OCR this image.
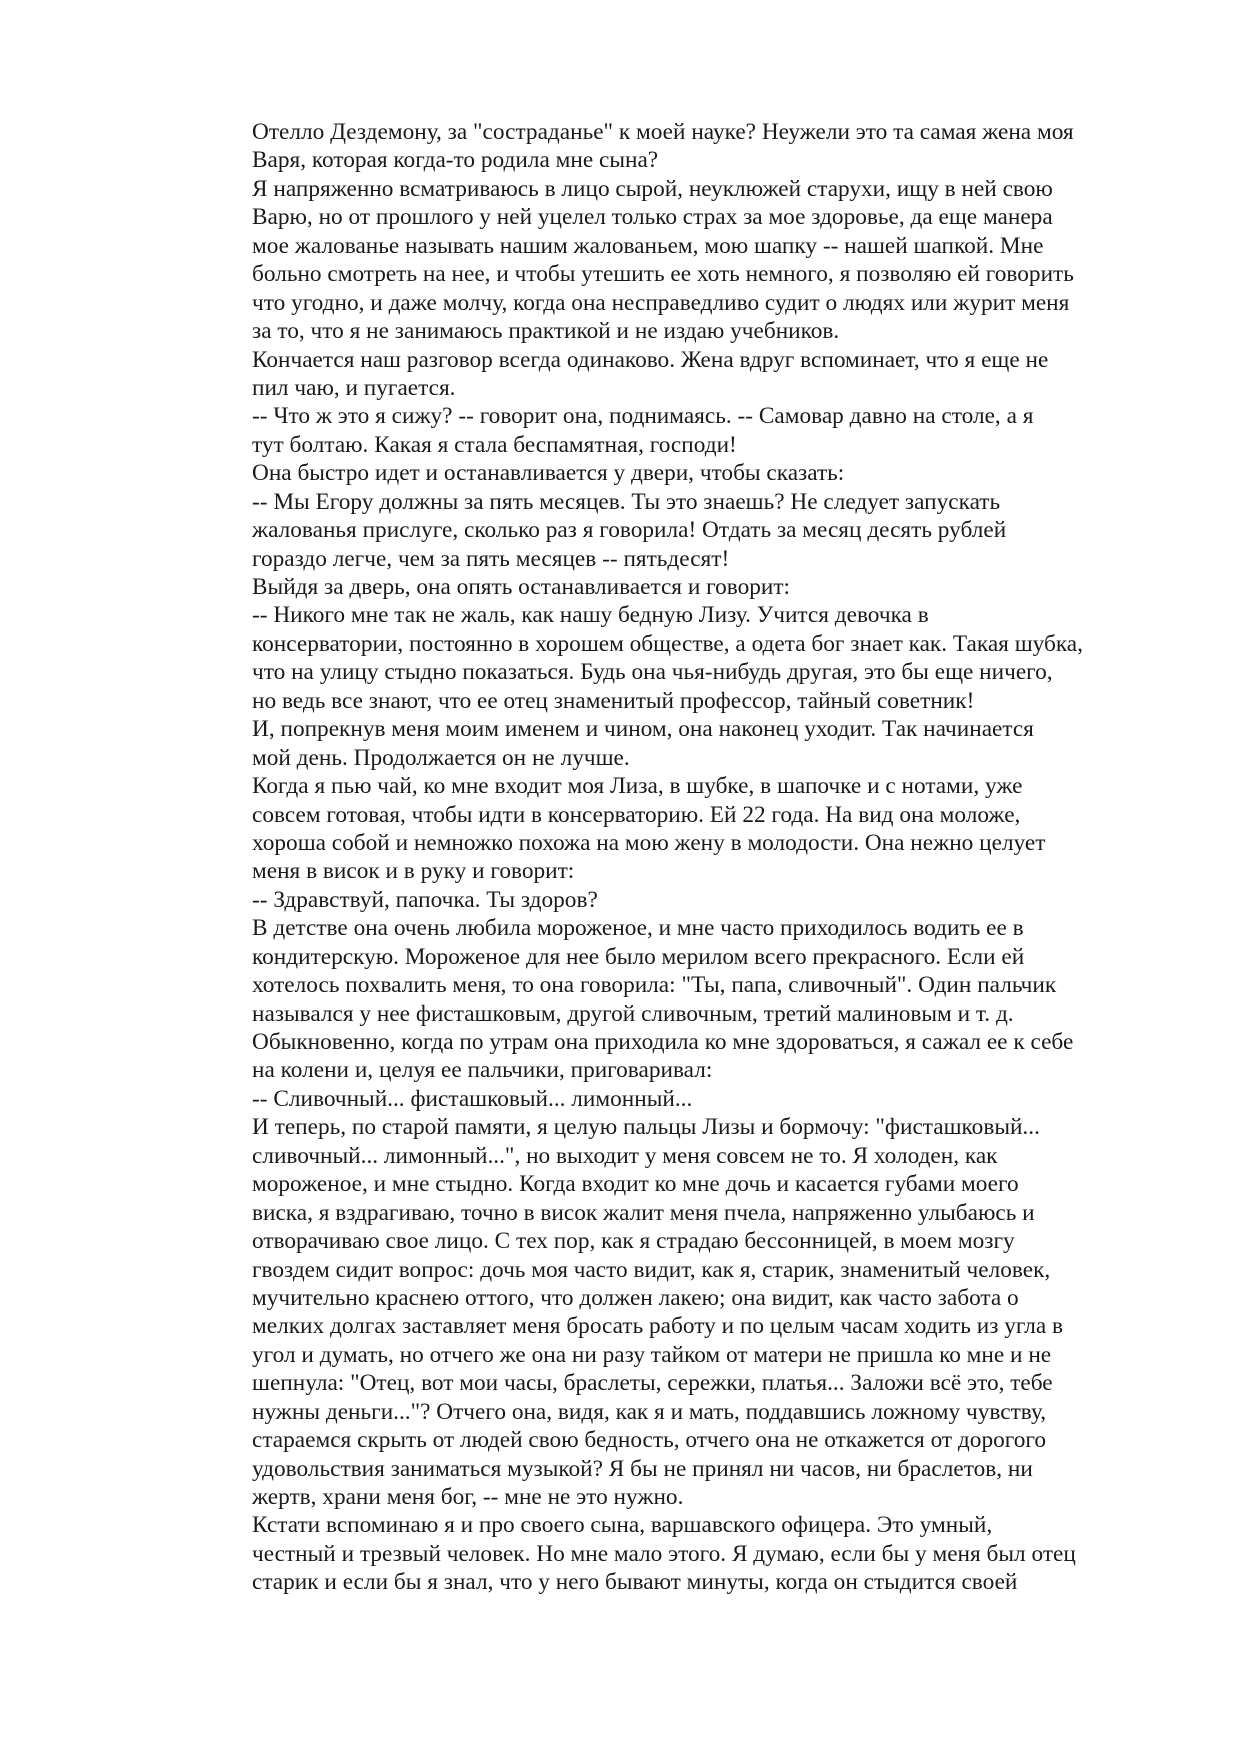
Отелло Дездемону, за "состраданье" к моей науке? Неужели это та самая жена моя
Варя, которая когда-то родила мне сына?
Я напряженно всматриваюсь в лицо сырой, неуклюжей старухи, ищу в ней свою
Варю, но от прошлого у ней уцелел только страх за мое здоровье, да еще манера
мое жалованье называть нашим жалованьем, мою шапку -- нашей шапкой. Мне
больно смотреть на нее, и чтобы утешить ее хоть немного, я позволяю ей говорить
что угодно, и даже молчу, когда она несправедливо судит о людях или журит меня
за то, что я не занимаюсь практикой и не издаю учебников.
Кончается наш разговор всегда одинаково. Жена вдруг вспоминает, что я еще не
пил чаю, и пугается.
-- Что ж это я сижу? -- говорит она, поднимаясь. -- Самовар давно на столе, а я
тут болтаю. Какая я стала беспамятная, господи!
Она быстро идет и останавливается у двери, чтобы сказать:
-- Мы Егору должны за пять месяцев. Ты это знаешь? Не следует запускать
жалованья прислуге, сколько раз я говорила! Отдать за месяц десять рублей
гораздо легче, чем за пять месяцев -- пятьдесят!
Выйдя за дверь, она опять останавливается и говорит:
-- Никого мне так не жаль, как нашу бедную Лизу. Учится девочка в
консерватории, постоянно в хорошем обществе, а одета бог знает как. Такая шубка,
что на улицу стыдно показаться. Будь она чья-нибудь другая, это бы еще ничего,
но ведь все знают, что ее отец знаменитый профессор, тайный советник!
И, попрекнув меня моим именем и чином, она наконец уходит. Так начинается
мой день. Продолжается он не лучше.
Когда я пью чай, ко мне входит моя Лиза, в шубке, в шапочке и с нотами, уже
совсем готовая, чтобы идти в консерваторию. Ей 22 года. На вид она моложе,
хороша собой и немножко похожа на мою жену в молодости. Она нежно целует
меня в висок и в руку и говорит:
-- Здравствуй, папочка. Ты здоров?
В детстве она очень любила мороженое, и мне часто приходилось водить ее в
кондитерскую. Мороженое для нее было мерилом всего прекрасного. Если ей
хотелось похвалить меня, то она говорила: "Ты, папа, сливочный". Один пальчик
назывался у нее фисташковым, другой сливочным, третий малиновым и т. д.
Обыкновенно, когда по утрам она приходила ко мне здороваться, я сажал ее к себе
на колени и, целуя ее пальчики, приговаривал:
-- Сливочный... фисташковый... лимонный...
И теперь, по старой памяти, я целую пальцы Лизы и бормочу: "фисташковый...
сливочный... лимонный...", но выходит у меня совсем не то. Я холоден, как
мороженое, и мне стыдно. Когда входит ко мне дочь и касается губами моего
виска, я вздрагиваю, точно в висок жалит меня пчела, напряженно улыбаюсь и
отворачиваю свое лицо. С тех пор, как я страдаю бессонницей, в моем мозгу
гвоздем сидит вопрос: дочь моя часто видит, как я, старик, знаменитый человек,
мучительно краснею оттого, что должен лакею; она видит, как часто забота о
мелких долгах заставляет меня бросать работу и по целым часам ходить из угла в
угол и думать, но отчего же она ни разу тайком от матери не пришла ко мне и не
шепнула: "Отец, вот мои часы, браслеты, сережки, платья... Заложи всё это, тебе
нужны деньги..."? Отчего она, видя, как я и мать, поддавшись ложному чувству,
стараемся скрыть от людей свою бедность, отчего она не откажется от дорогого
удовольствия заниматься музыкой? Я бы не принял ни часов, ни браслетов, ни
жертв, храни меня бог, -- мне не это нужно.
Кстати вспоминаю я и про своего сына, варшавского офицера. Это умный,
честный и трезвый человек. Но мне мало этого. Я думаю, если бы у меня был отец
старик и если бы я знал, что у него бывают минуты, когда он стыдится своей
